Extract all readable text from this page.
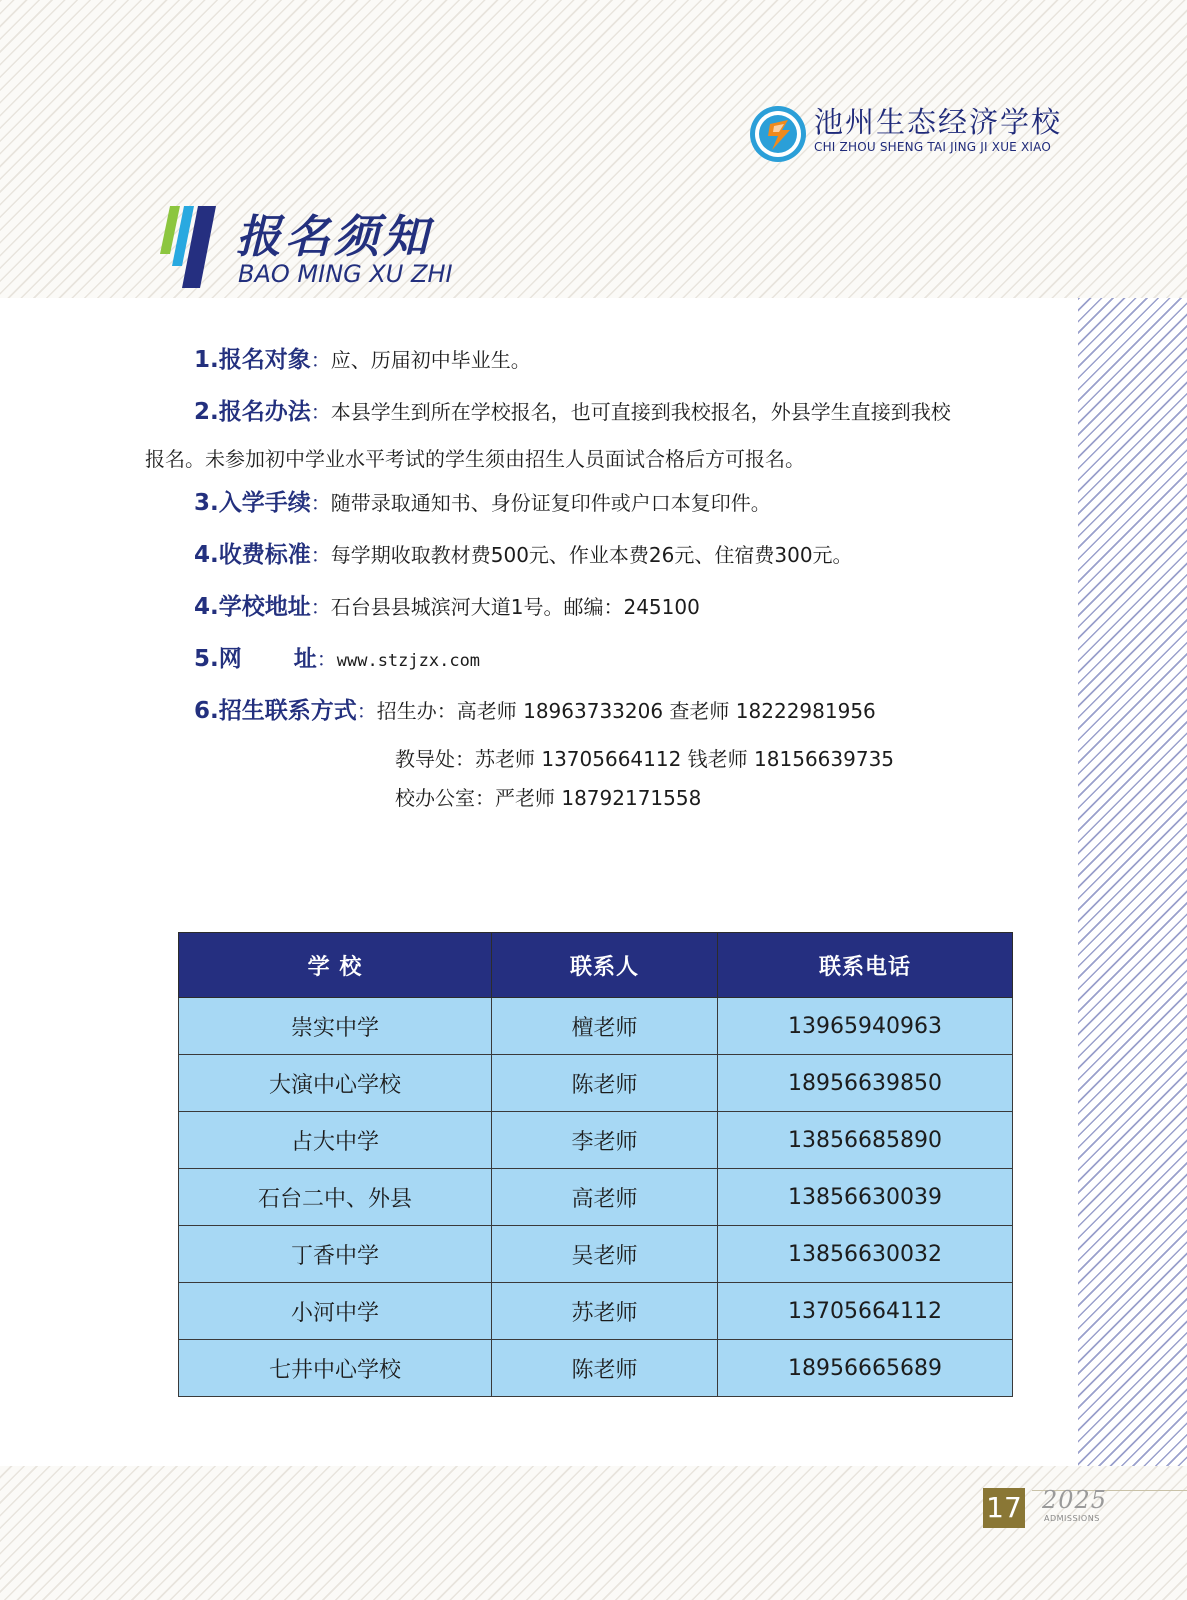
池州生态经济学校
CHI ZHOU SHENG TAI JING JI XUE XIAO
报名须知
BAO MING XU ZHI
1.报名对象：应、历届初中毕业生。
2.报名办法：本县学生到所在学校报名，也可直接到我校报名，外县学生直接到我校
报名。未参加初中学业水平考试的学生须由招生人员面试合格后方可报名。
3.入学手续：随带录取通知书、身份证复印件或户口本复印件。
4.收费标准：每学期收取教材费500元、作业本费26元、住宿费300元。
4.学校地址：石台县县城滨河大道1号。邮编：245100
5.网 址：www.stzjzx.com
6.招生联系方式：招生办：高老师 18963733206 查老师 18222981956
教导处：苏老师 13705664112 钱老师 18156639735
校办公室：严老师 18792171558
学 校	联系人	联系电话
崇实中学	檀老师	13965940963
大演中心学校	陈老师	18956639850
占大中学	李老师	13856685890
石台二中、外县	高老师	13856630039
丁香中学	吴老师	13856630032
小河中学	苏老师	13705664112
七井中心学校	陈老师	18956665689
17 2025
ADMISSIONS
